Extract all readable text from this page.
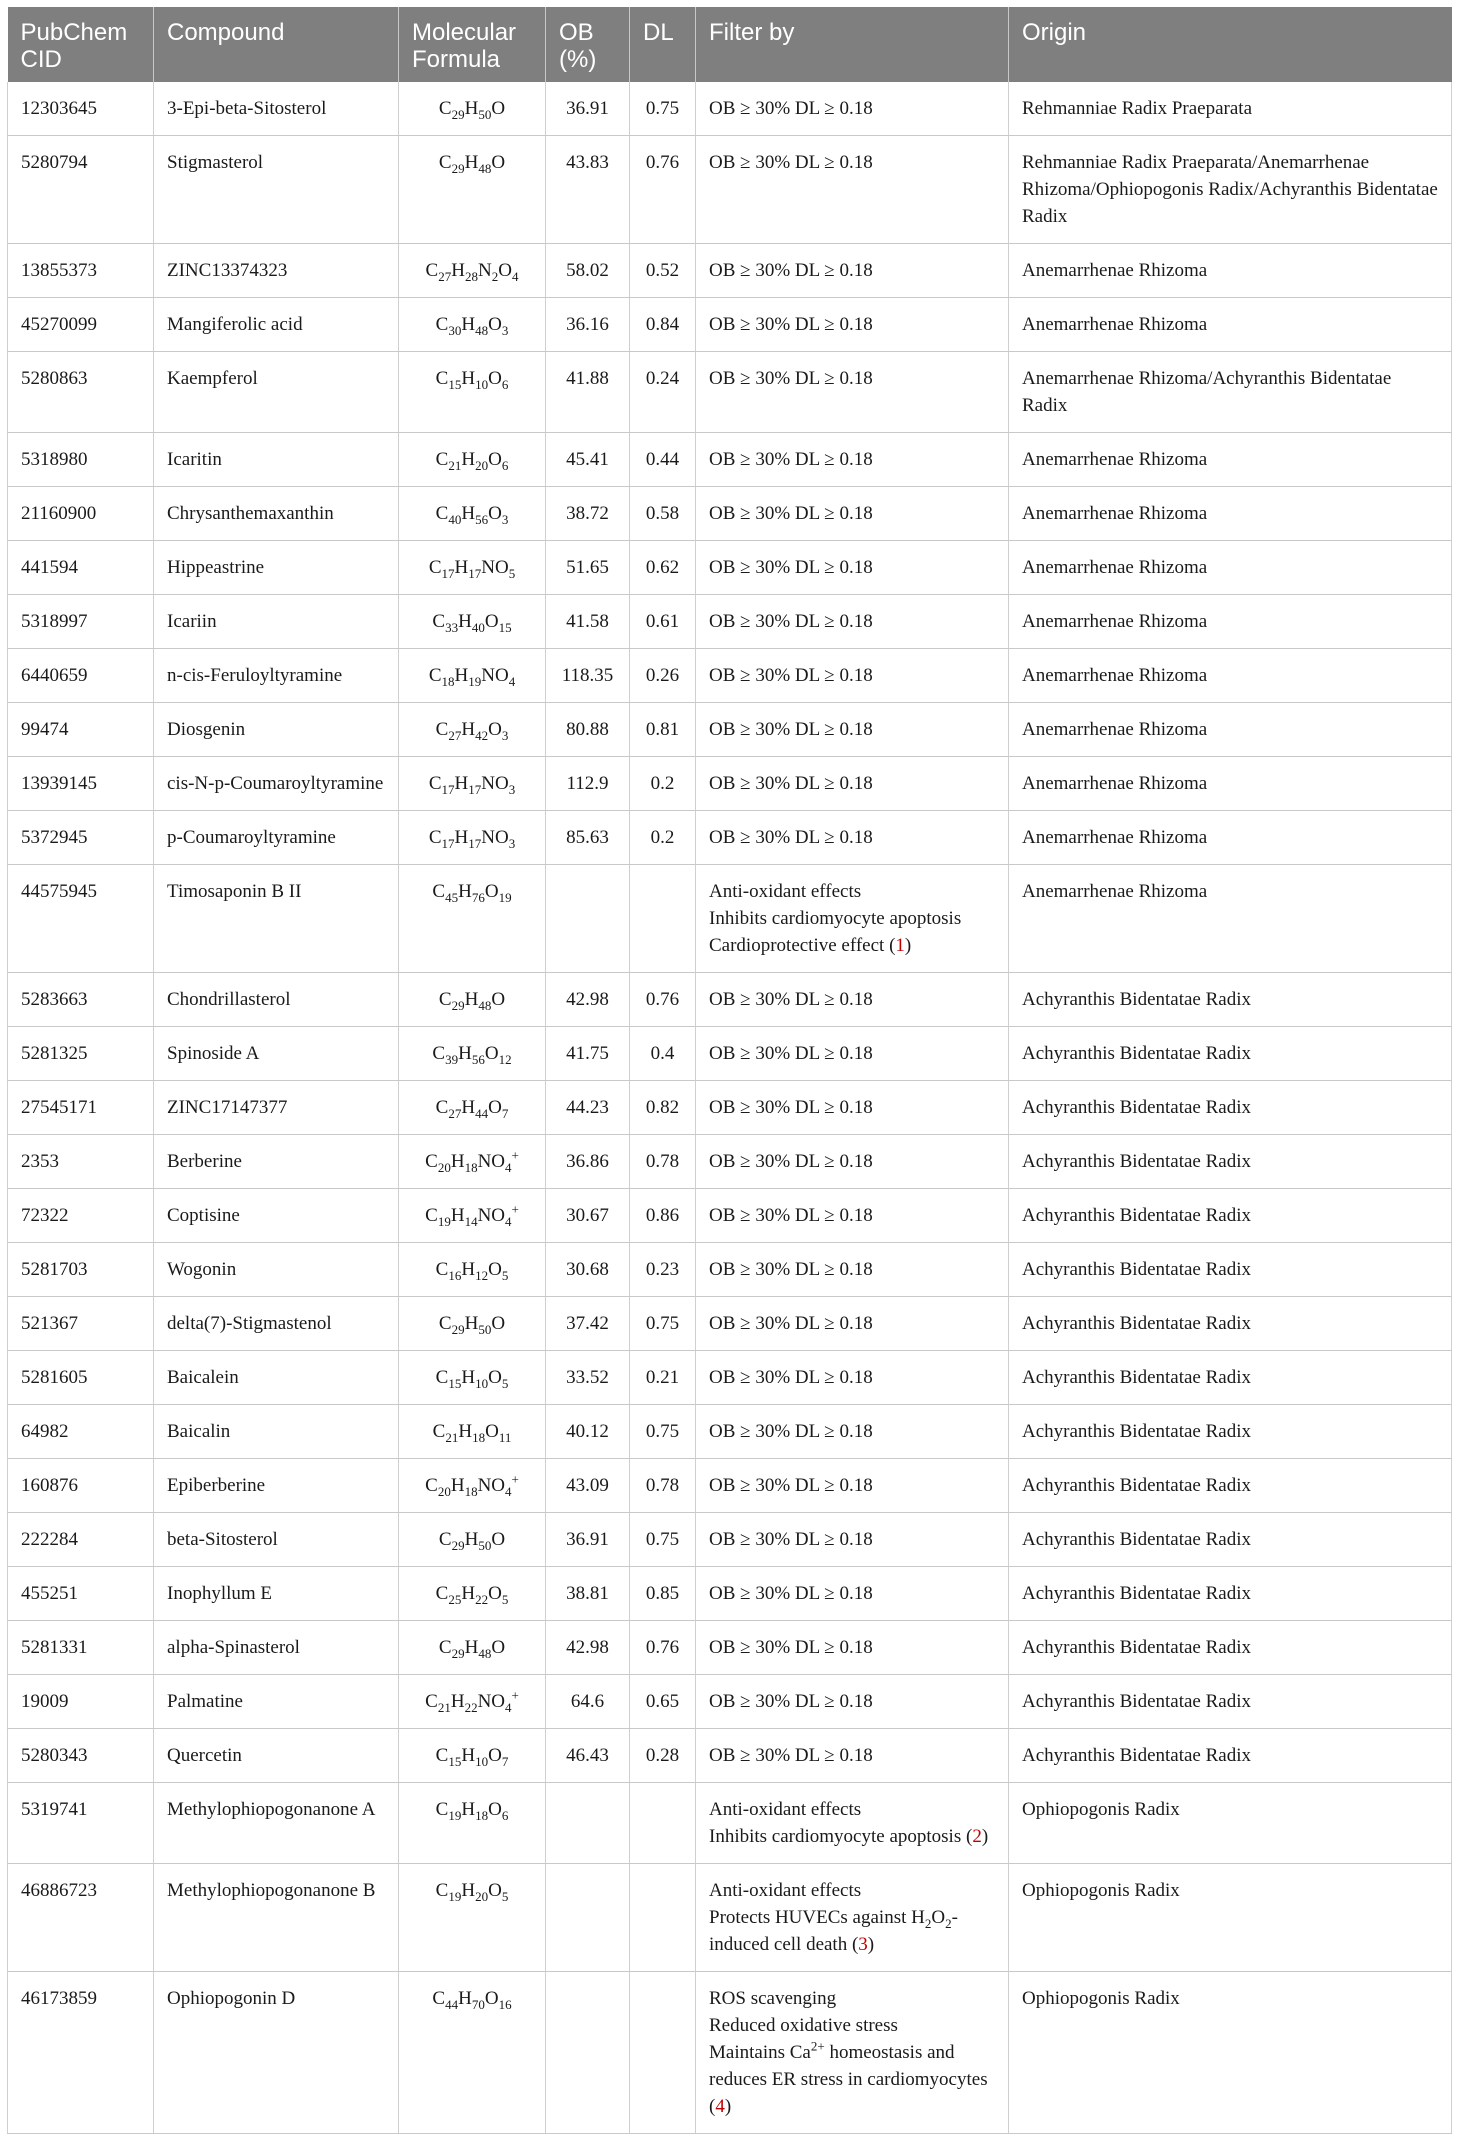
PubChem CID	Compound	Molecular Formula	OB (%)	DL	Filter by	Origin
12303645	3-Epi-beta-Sitosterol	$C_{29}H_{50}O$	36.91	0.75	OB ≥ 30% DL ≥ 0.18	Rehmanniae Radix Praeparata
5280794	Stigmasterol	$C_{29}H_{48}O$	43.83	0.76	OB ≥ 30% DL ≥ 0.18	Rehmanniae Radix Praeparata/Anemarrhenae Rhizoma/Ophiopogonis Radix/Achyranthis Bidentatae Radix
13855373	ZINC13374323	$C_{27}H_{28}N_2O_4$	58.02	0.52	OB ≥ 30% DL ≥ 0.18	Anemarrhenae Rhizoma
45270099	Mangiferolic acid	$C_{30}H_{48}O_3$	36.16	0.84	OB ≥ 30% DL ≥ 0.18	Anemarrhenae Rhizoma
5280863	Kaempferol	$C_{15}H_{10}O_6$	41.88	0.24	OB ≥ 30% DL ≥ 0.18	Anemarrhenae Rhizoma/Achyranthis Bidentatae Radix
5318980	Icaritin	$C_{21}H_{20}O_6$	45.41	0.44	OB ≥ 30% DL ≥ 0.18	Anemarrhenae Rhizoma
21160900	Chrysanthemaxanthin	$C_{40}H_{56}O_3$	38.72	0.58	OB ≥ 30% DL ≥ 0.18	Anemarrhenae Rhizoma
441594	Hippeastrine	$C_{17}H_{17}NO_5$	51.65	0.62	OB ≥ 30% DL ≥ 0.18	Anemarrhenae Rhizoma
5318997	Icariin	$C_{33}H_{40}O_{15}$	41.58	0.61	OB ≥ 30% DL ≥ 0.18	Anemarrhenae Rhizoma
6440659	n-cis-Feruloyltyramine	$C_{18}H_{19}NO_4$	118.35	0.26	OB ≥ 30% DL ≥ 0.18	Anemarrhenae Rhizoma
99474	Diosgenin	$C_{27}H_{42}O_3$	80.88	0.81	OB ≥ 30% DL ≥ 0.18	Anemarrhenae Rhizoma
13939145	cis-N-p-Coumaroyltyramine	$C_{17}H_{17}NO_3$	112.9	0.2	OB ≥ 30% DL ≥ 0.18	Anemarrhenae Rhizoma
5372945	p-Coumaroyltyramine	$C_{17}H_{17}NO_3$	85.63	0.2	OB ≥ 30% DL ≥ 0.18	Anemarrhenae Rhizoma
44575945	Timosaponin B II	$C_{45}H_{76}O_{19}$			Anti-oxidant effects
Inhibits cardiomyocyte apoptosis
Cardioprotective effect (1)	Anemarrhenae Rhizoma
5283663	Chondrillasterol	$C_{29}H_{48}O$	42.98	0.76	OB ≥ 30% DL ≥ 0.18	Achyranthis Bidentatae Radix
5281325	Spinoside A	$C_{39}H_{56}O_{12}$	41.75	0.4	OB ≥ 30% DL ≥ 0.18	Achyranthis Bidentatae Radix
27545171	ZINC17147377	$C_{27}H_{44}O_7$	44.23	0.82	OB ≥ 30% DL ≥ 0.18	Achyranthis Bidentatae Radix
2353	Berberine	$C_{20}H_{18}NO_4^+$	36.86	0.78	OB ≥ 30% DL ≥ 0.18	Achyranthis Bidentatae Radix
72322	Coptisine	$C_{19}H_{14}NO_4^+$	30.67	0.86	OB ≥ 30% DL ≥ 0.18	Achyranthis Bidentatae Radix
5281703	Wogonin	$C_{16}H_{12}O_5$	30.68	0.23	OB ≥ 30% DL ≥ 0.18	Achyranthis Bidentatae Radix
521367	delta(7)-Stigmastenol	$C_{29}H_{50}O$	37.42	0.75	OB ≥ 30% DL ≥ 0.18	Achyranthis Bidentatae Radix
5281605	Baicalein	$C_{15}H_{10}O_5$	33.52	0.21	OB ≥ 30% DL ≥ 0.18	Achyranthis Bidentatae Radix
64982	Baicalin	$C_{21}H_{18}O_{11}$	40.12	0.75	OB ≥ 30% DL ≥ 0.18	Achyranthis Bidentatae Radix
160876	Epiberberine	$C_{20}H_{18}NO_4^+$	43.09	0.78	OB ≥ 30% DL ≥ 0.18	Achyranthis Bidentatae Radix
222284	beta-Sitosterol	$C_{29}H_{50}O$	36.91	0.75	OB ≥ 30% DL ≥ 0.18	Achyranthis Bidentatae Radix
455251	Inophyllum E	$C_{25}H_{22}O_5$	38.81	0.85	OB ≥ 30% DL ≥ 0.18	Achyranthis Bidentatae Radix
5281331	alpha-Spinasterol	$C_{29}H_{48}O$	42.98	0.76	OB ≥ 30% DL ≥ 0.18	Achyranthis Bidentatae Radix
19009	Palmatine	$C_{21}H_{22}NO_4^+$	64.6	0.65	OB ≥ 30% DL ≥ 0.18	Achyranthis Bidentatae Radix
5280343	Quercetin	$C_{15}H_{10}O_7$	46.43	0.28	OB ≥ 30% DL ≥ 0.18	Achyranthis Bidentatae Radix
5319741	Methylophiopogonanone A	$C_{19}H_{18}O_6$			Anti-oxidant effects
Inhibits cardiomyocyte apoptosis (2)	Ophiopogonis Radix
46886723	Methylophiopogonanone B	$C_{19}H_{20}O_5$			Anti-oxidant effects
Protects HUVECs against $H_2O_2$-induced cell death (3)	Ophiopogonis Radix
46173859	Ophiopogonin D	$C_{44}H_{70}O_{16}$			ROS scavenging
Reduced oxidative stress
Maintains $Ca^{2+}$ homeostasis and reduces ER stress in cardiomyocytes (4)	Ophiopogonis Radix
